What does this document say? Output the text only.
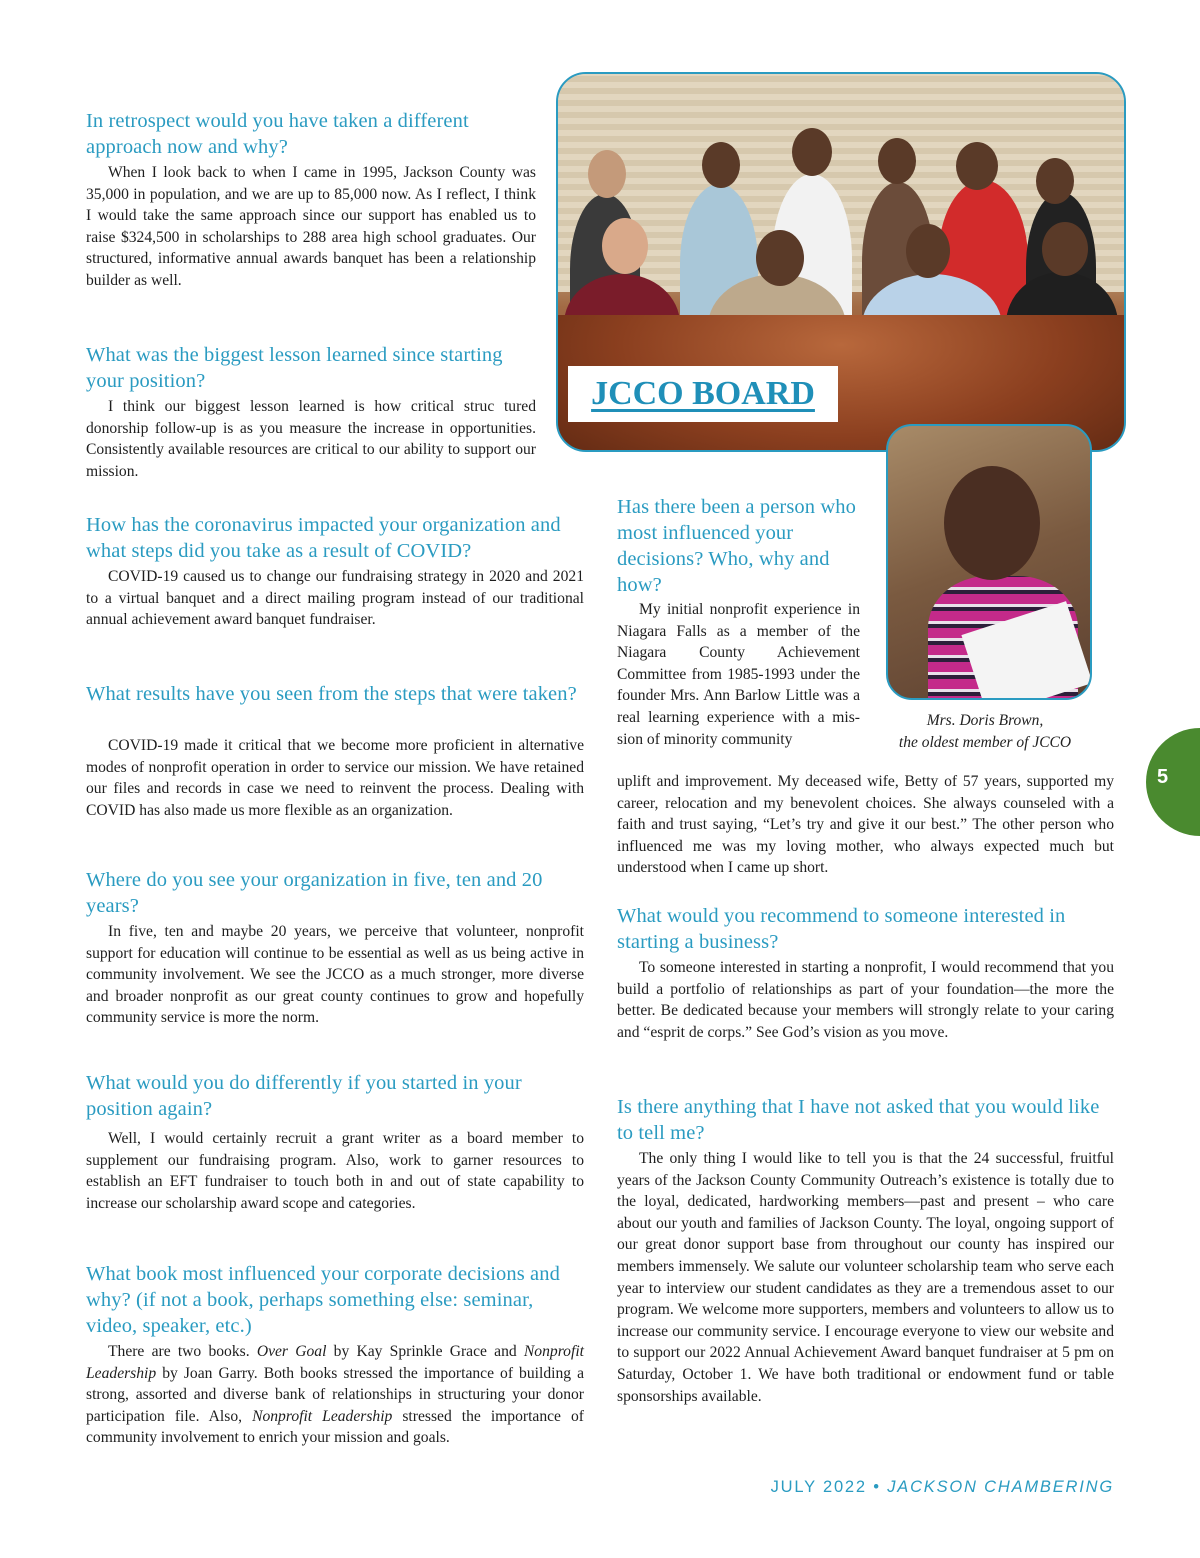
In retrospect would you have taken a different approach now and why?
When I look back to when I came in 1995, Jackson County was 35,000 in population, and we are up to 85,000 now. As I reflect, I think I would take the same approach since our support has enabled us to raise $324,500 in scholarships to 288 area high school graduates. Our structured, informative annual awards banquet has been a relationship builder as well.
What was the biggest lesson learned since starting your position?
I think our biggest lesson learned is how critical struc tured donorship follow-up is as you measure the increase in opportunities. Consistently available resources are critical to our ability to support our mission.
How has the coronavirus impacted your organization and what steps did you take as a result of COVID?
COVID-19 caused us to change our fundraising strategy in 2020 and 2021 to a virtual banquet and a direct mailing program instead of our traditional annual achievement award banquet fundraiser.
What results have you seen from the steps that were taken?
COVID-19 made it critical that we become more proficient in alternative modes of nonprofit operation in order to service our mission. We have retained our files and records in case we need to reinvent the process. Dealing with COVID has also made us more flexible as an organization.
Where do you see your organization in five, ten and 20 years?
In five, ten and maybe 20 years, we perceive that volunteer, nonprofit support for education will continue to be essential as well as us being active in community involvement. We see the JCCO as a much stronger, more diverse and broader nonprofit as our great county continues to grow and hopefully community service is more the norm.
What would you do differently if you started in your position again?
Well, I would certainly recruit a grant writer as a board member to supplement our fundraising program. Also, work to garner resources to establish an EFT fundraiser to touch both in and out of state capability to increase our scholarship award scope and categories.
What book most influenced your corporate decisions and why? (if not a book, perhaps something else: seminar, video, speaker, etc.)
There are two books. Over Goal by Kay Sprinkle Grace and Nonprofit Leadership by Joan Garry. Both books stressed the importance of building a strong, assorted and diverse bank of relationships in structuring your donor participation file. Also, Nonprofit Leadership stressed the importance of community involvement to enrich your mission and goals.
JCCO BOARD
Mrs. Doris Brown,
the oldest member of JCCO
Has there been a person who most influenced your decisions? Who, why and how?
My initial nonprofit experience in Niagara Falls as a member of the Niagara County Achievement Committee from 1985-1993 under the founder Mrs. Ann Barlow Little was a real learning experience with a mission of minority community
uplift and improvement. My deceased wife, Betty of 57 years, supported my career, relocation and my benevolent choices. She always counseled with a faith and trust saying, “Let’s try and give it our best.” The other person who influenced me was my loving mother, who always expected much but understood when I came up short.
What would you recommend to someone interested in starting a business?
To someone interested in starting a nonprofit, I would recommend that you build a portfolio of relationships as part of your foundation—the more the better. Be dedicated because your members will strongly relate to your caring and “esprit de corps.” See God’s vision as you move.
Is there anything that I have not asked that you would like to tell me?
The only thing I would like to tell you is that the 24 successful, fruitful years of the Jackson County Community Outreach’s existence is totally due to the loyal, dedicated, hardworking members—past and present – who care about our youth and families of Jackson County. The loyal, ongoing support of our great donor support base from throughout our county has inspired our members immensely. We salute our volunteer scholarship team who serve each year to interview our student candidates as they are a tremendous asset to our program. We welcome more supporters, members and volunteers to allow us to increase our community service. I encourage everyone to view our website and to support our 2022 Annual Achievement Award banquet fundraiser at 5 pm on Saturday, October 1. We have both traditional or endowment fund or table sponsorships available.
5
JULY 2022 • JACKSON CHAMBERING
